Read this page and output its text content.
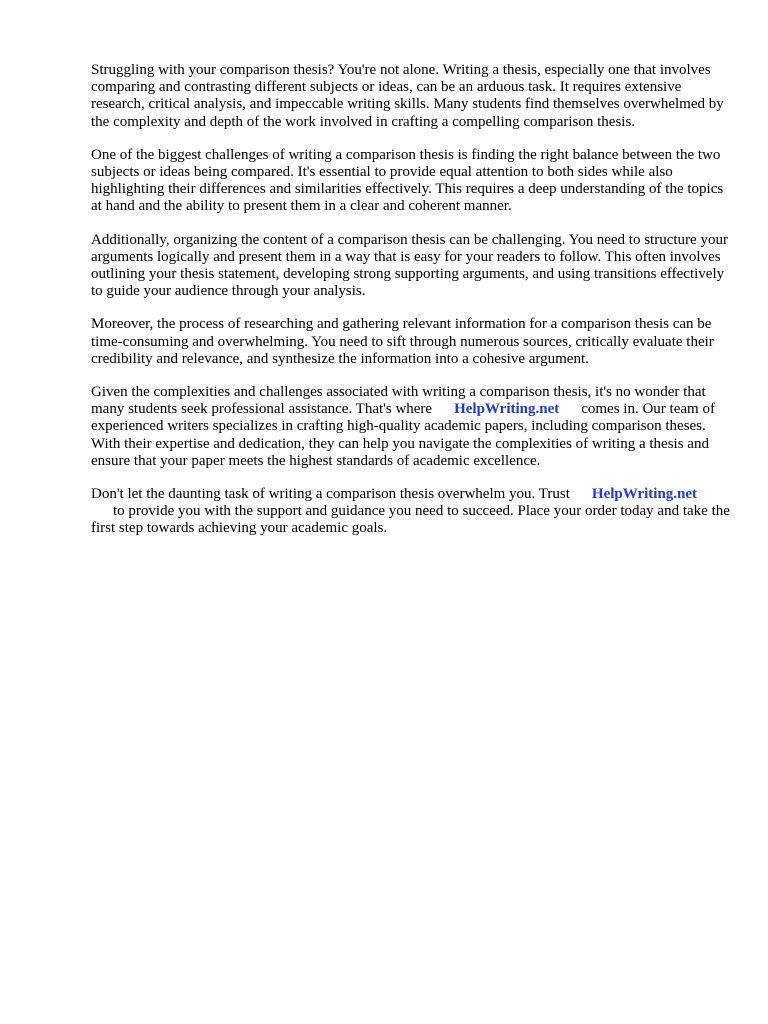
Struggling with your comparison thesis? You're not alone. Writing a thesis, especially one that involves comparing and contrasting different subjects or ideas, can be an arduous task. It requires extensive research, critical analysis, and impeccable writing skills. Many students find themselves overwhelmed by the complexity and depth of the work involved in crafting a compelling comparison thesis.

One of the biggest challenges of writing a comparison thesis is finding the right balance between the two subjects or ideas being compared. It's essential to provide equal attention to both sides while also highlighting their differences and similarities effectively. This requires a deep understanding of the topics at hand and the ability to present them in a clear and coherent manner.

Additionally, organizing the content of a comparison thesis can be challenging. You need to structure your arguments logically and present them in a way that is easy for your readers to follow. This often involves outlining your thesis statement, developing strong supporting arguments, and using transitions effectively to guide your audience through your analysis.

Moreover, the process of researching and gathering relevant information for a comparison thesis can be time-consuming and overwhelming. You need to sift through numerous sources, critically evaluate their credibility and relevance, and synthesize the information into a cohesive argument.

Given the complexities and challenges associated with writing a comparison thesis, it's no wonder that many students seek professional assistance. That's where HelpWriting.net comes in. Our team of experienced writers specializes in crafting high-quality academic papers, including comparison theses. With their expertise and dedication, they can help you navigate the complexities of writing a thesis and ensure that your paper meets the highest standards of academic excellence.

Don't let the daunting task of writing a comparison thesis overwhelm you. Trust HelpWriting.net
to provide you with the support and guidance you need to succeed. Place your order today and take the first step towards achieving your academic goals.
